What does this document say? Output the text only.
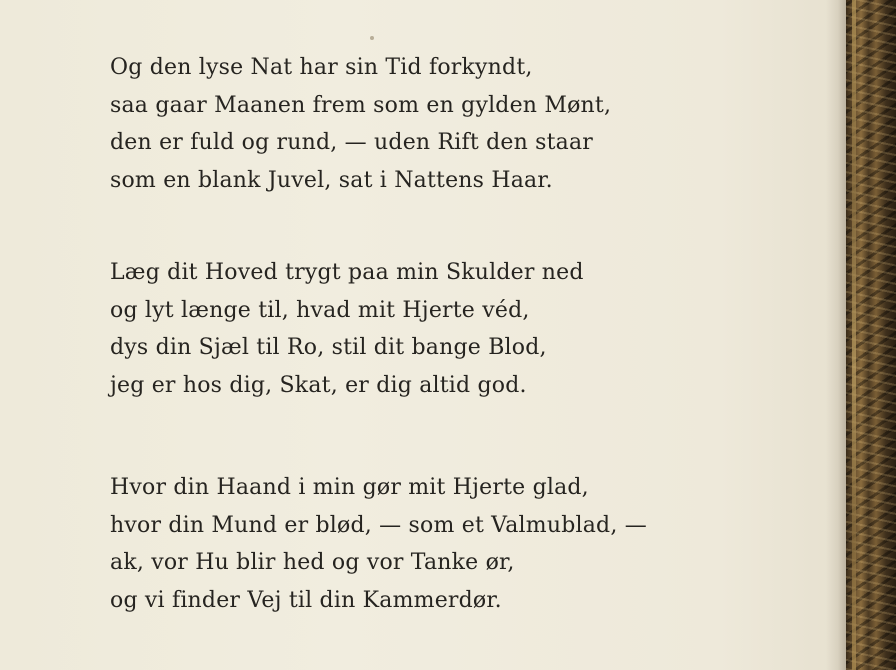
Og den lyse Nat har sin Tid forkyndt,
saa gaar Maanen frem som en gylden Mønt,
den er fuld og rund, — uden Rift den staar
som en blank Juvel, sat i Nattens Haar.
Læg dit Hoved trygt paa min Skulder ned
og lyt længe til, hvad mit Hjerte véd,
dys din Sjæl til Ro, stil dit bange Blod,
jeg er hos dig, Skat, er dig altid god.
Hvor din Haand i min gør mit Hjerte glad,
hvor din Mund er blød, — som et Valmublad, —
ak, vor Hu blir hed og vor Tanke ør,
og vi finder Vej til din Kammerdør.
